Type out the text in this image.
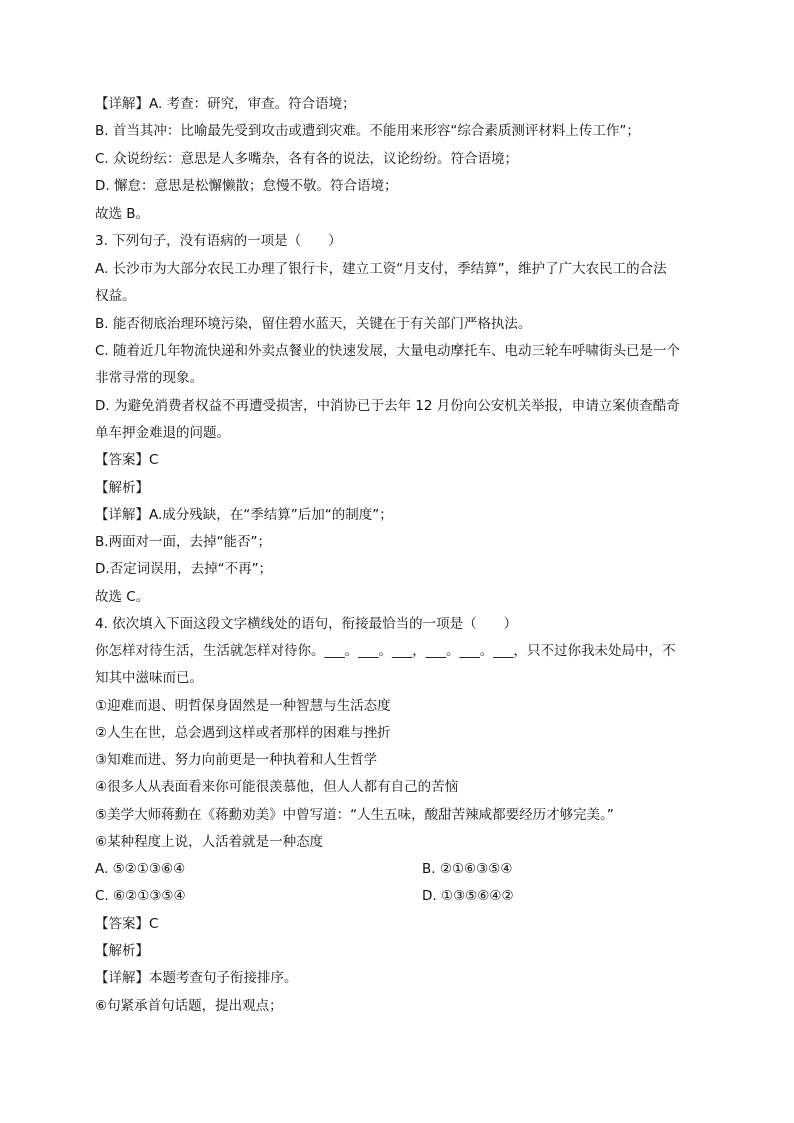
【详解】A. 考查：研究，审查。符合语境；
B. 首当其冲：比喻最先受到攻击或遭到灾难。不能用来形容“综合素质测评材料上传工作”；
C. 众说纷纭：意思是人多嘴杂，各有各的说法，议论纷纷。符合语境；
D. 懈怠：意思是松懈懒散；怠慢不敬。符合语境；
故选 B。
3. 下列句子，没有语病的一项是（　　）
A. 长沙市为大部分农民工办理了银行卡，建立工资“月支付，季结算”，维护了广大农民工的合法
权益。
B. 能否彻底治理环境污染，留住碧水蓝天，关键在于有关部门严格执法。
C. 随着近几年物流快递和外卖点餐业的快速发展，大量电动摩托车、电动三轮车呼啸街头已是一个
非常寻常的现象。
D. 为避免消费者权益不再遭受损害，中消协已于去年 12 月份向公安机关举报，申请立案侦查酷奇
单车押金难退的问题。
【答案】C
【解析】
【详解】A.成分残缺，在“季结算”后加“的制度”；
B.两面对一面，去掉“能否”；
D.否定词误用，去掉“不再”；
故选 C。
4. 依次填入下面这段文字横线处的语句，衔接最恰当的一项是（　　）
你怎样对待生活，生活就怎样对待你。___。___。___，___。___。___，只不过你我未处局中，不
知其中滋味而已。
①迎难而退、明哲保身固然是一种智慧与生活态度
②人生在世，总会遇到这样或者那样的困难与挫折
③知难而进、努力向前更是一种执着和人生哲学
④很多人从表面看来你可能很羡慕他，但人人都有自己的苦恼
⑤美学大师蒋勳在《蒋勳劝美》中曾写道：“人生五味，酸甜苦辣咸都要经历才够完美。”
⑥某种程度上说，人活着就是一种态度
A. ⑤②①③⑥④	B. ②①⑥③⑤④
C. ⑥②①③⑤④	D. ①③⑤⑥④②
【答案】C
【解析】
【详解】本题考查句子衔接排序。
⑥句紧承首句话题，提出观点；
